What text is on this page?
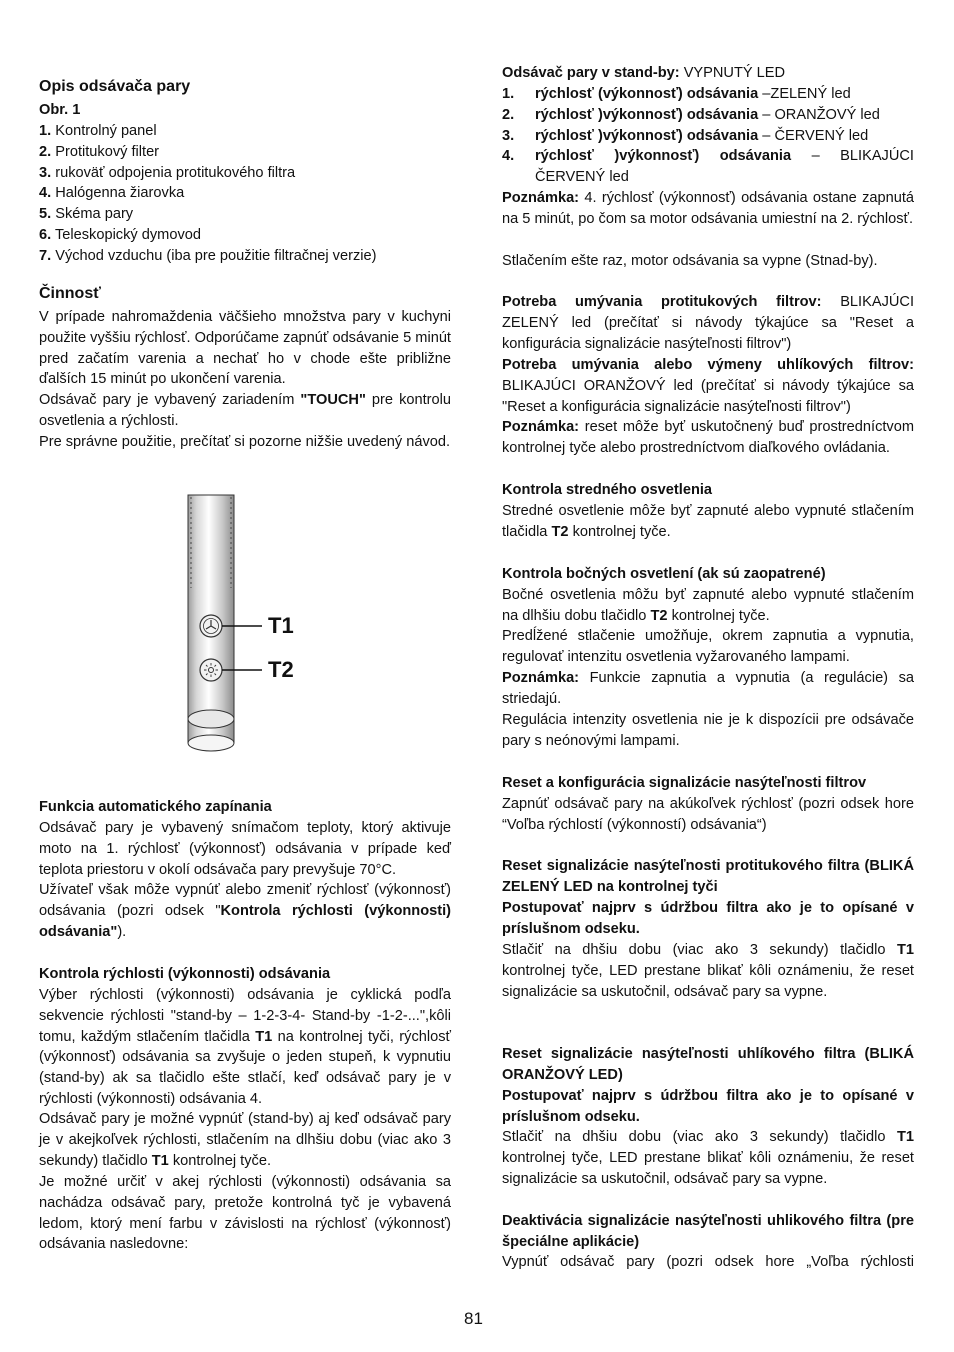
Opis odsávača pary
Obr. 1
1. Kontrolný panel
2. Protitukový filter
3. rukoväť odpojenia protitukového filtra
4. Halógenna žiarovka
5. Skéma pary
6. Teleskopický dymovod
7. Východ vzduchu (iba pre použitie filtračnej verzie)
Činnosť
V prípade nahromaždenia väčšieho množstva pary v kuchyni použite vyššiu rýchlosť. Odporúčame zapnúť odsávanie 5 minút pred začatím varenia a nechať ho v chode ešte približne ďalších 15 minút po ukončení varenia.
Odsávač pary je vybavený zariadením "TOUCH" pre kontrolu osvetlenia a rýchlosti.
Pre správne použitie, prečítať si pozorne nižšie uvedený návod.
Funkcia automatického zapínania
Odsávač pary je vybavený snímačom teploty, ktorý aktivuje moto na 1. rýchlosť (výkonnosť) odsávania v prípade keď teplota priestoru v okolí odsávača pary prevyšuje 70°C.
Užívateľ však môže vypnúť alebo zmeniť rýchlosť (výkonnosť) odsávania (pozri odsek "Kontrola rýchlosti (výkonnosti) odsávania").
Kontrola rýchlosti (výkonnosti) odsávania
Výber rýchlosti (výkonnosti) odsávania je cyklická podľa sekvencie rýchlosti "stand-by – 1-2-3-4- Stand-by -1-2-...",kôli tomu, každým stlačením tlačidla T1 na kontrolnej tyči, rýchlosť (výkonnosť) odsávania sa zvyšuje o jeden stupeň, k vypnutiu (stand-by) ak sa tlačidlo ešte stlačí, keď odsávač pary je v rýchlosti (výkonnosti) odsávania 4.
Odsávač pary je možné vypnúť (stand-by) aj keď odsávač pary je v akejkoľvek rýchlosti, stlačením na dlhšiu dobu (viac ako 3 sekundy) tlačidlo T1 kontrolnej tyče.
Je možné určiť v akej rýchlosti (výkonnosti) odsávania sa nachádza odsávač pary, pretože kontrolná tyč je vybavená ledom, ktorý mení farbu v závislosti na rýchlosť (výkonnosť) odsávania nasledovne:
T1
T2
Odsávač pary v stand-by: VYPNUTÝ LED
1.	rýchlosť (výkonnosť) odsávania –ZELENÝ led
2.	rýchlosť )výkonnosť) odsávania – ORANŽOVÝ led
3.	rýchlosť )výkonnosť) odsávania – ČERVENÝ led
4.	rýchlosť )výkonnosť) odsávania – BLIKAJÚCI ČERVENÝ led
Poznámka: 4. rýchlosť (výkonnosť) odsávania ostane zapnutá na 5 minút, po čom sa motor odsávania umiestní na 2. rýchlosť.
Stlačením ešte raz, motor odsávania sa vypne (Stnad-by).
Potreba umývania protitukových filtrov: BLIKAJÚCI ZELENÝ led (prečítať si návody týkajúce sa "Reset a konfigurácia signalizácie nasýteľnosti filtrov")
Potreba umývania alebo výmeny uhlíkových filtrov: BLIKAJÚCI ORANŽOVÝ led (prečítať si návody týkajúce sa "Reset a konfigurácia signalizácie nasýteľnosti filtrov")
Poznámka: reset môže byť uskutočnený buď prostredníctvom kontrolnej tyče alebo prostredníctvom diaľkového ovládania.
Kontrola stredného osvetlenia
Stredné osvetlenie môže byť zapnuté alebo vypnuté stlačením tlačidla T2 kontrolnej tyče.
Kontrola bočných osvetlení (ak sú zaopatrené)
Bočné osvetlenia môžu byť zapnuté alebo vypnuté stlačením na dlhšiu dobu tlačidlo T2 kontrolnej tyče.
Predĺžené stlačenie umožňuje, okrem zapnutia a vypnutia, regulovať intenzitu osvetlenia vyžarovaného lampami.
Poznámka: Funkcie zapnutia a vypnutia (a regulácie) sa striedajú.
Regulácia intenzity osvetlenia nie je k dispozícii pre odsávače pary s neónovými lampami.
Reset a konfigurácia signalizácie nasýteľnosti filtrov
Zapnúť odsávač pary na akúkoľvek rýchlosť (pozri odsek hore “Voľba rýchlostí (výkonností) odsávania“)
Reset signalizácie nasýteľnosti protitukového filtra (BLIKÁ ZELENÝ LED na kontrolnej tyči
Postupovať najprv s údržbou filtra ako je to opísané v príslušnom odseku.
Stlačiť na dhšiu dobu (viac ako 3 sekundy) tlačidlo T1 kontrolnej tyče, LED prestane blikať kôli oznámeniu, že reset signalizácie sa uskutočnil, odsávač pary sa vypne.
Reset signalizácie nasýteľnosti uhlíkového filtra (BLIKÁ ORANŽOVÝ LED)
Postupovať najprv s údržbou filtra ako je to opísané v príslušnom odseku.
Stlačiť na dhšiu dobu (viac ako 3 sekundy) tlačidlo T1 kontrolnej tyče, LED prestane blikať kôli oznámeniu, že reset signalizácie sa uskutočnil, odsávač pary sa vypne.
Deaktivácia signalizácie nasýteľnosti uhlikového filtra (pre špeciálne aplikácie)
Vypnúť odsávač pary (pozri odsek hore „Voľba rýchlosti
81
